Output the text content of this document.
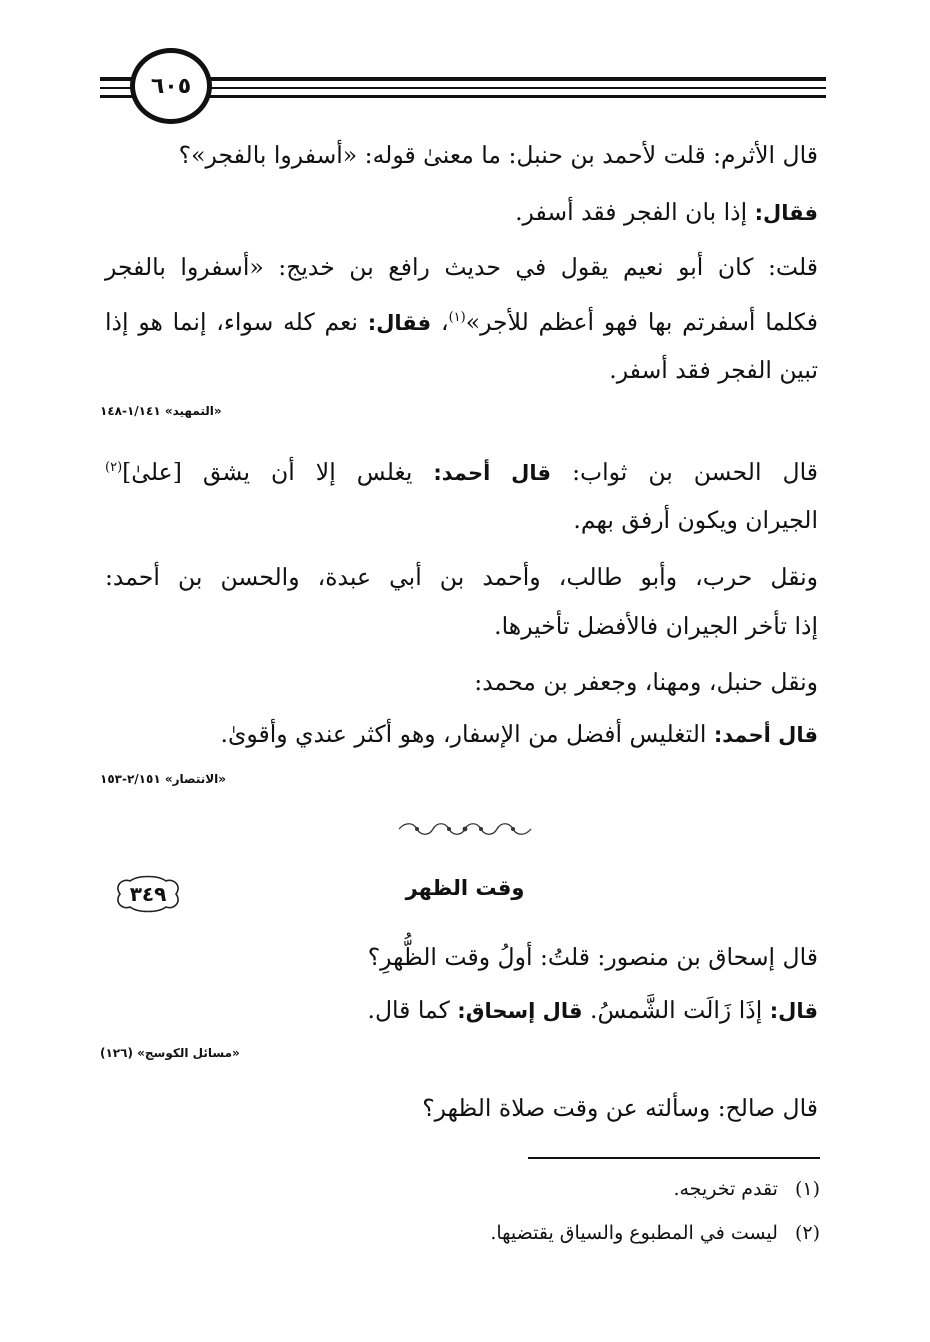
٦٠٥
قال الأثرم: قلت لأحمد بن حنبل: ما معنىٰ قوله: «أسفروا بالفجر»؟
فقال: إذا بان الفجر فقد أسفر.
قلت: كان أبو نعيم يقول في حديث رافع بن خديج: «أسفروا بالفجر
فكلما أسفرتم بها فهو أعظم للأجر»$^{(١)}$، فقال: نعم كله سواء، إنما هو إذا
تبين الفجر فقد أسفر.
«التمهيد» ١/١٤١-١٤٨
قال الحسن بن ثواب: قال أحمد: يغلس إلا أن يشق [علىٰ]$^{(٢)}$
الجيران ويكون أرفق بهم.
ونقل حرب، وأبو طالب، وأحمد بن أبي عبدة، والحسن بن أحمد:
إذا تأخر الجيران فالأفضل تأخيرها.
ونقل حنبل، ومهنا، وجعفر بن محمد:
قال أحمد: التغليس أفضل من الإسفار، وهو أكثر عندي وأقوىٰ.
«الانتصار» ٢/١٥١-١٥٣
٣٤٩	وقت الظهر
قال إسحاق بن منصور: قلتُ: أولُ وقت الظُّهرِ؟
قال: إذَا زَالَت الشَّمسُ. قال إسحاق: كما قال.
«مسائل الكوسج» (١٢٦)
قال صالح: وسألته عن وقت صلاة الظهر؟
(١) تقدم تخريجه.
(٢) ليست في المطبوع والسياق يقتضيها.
